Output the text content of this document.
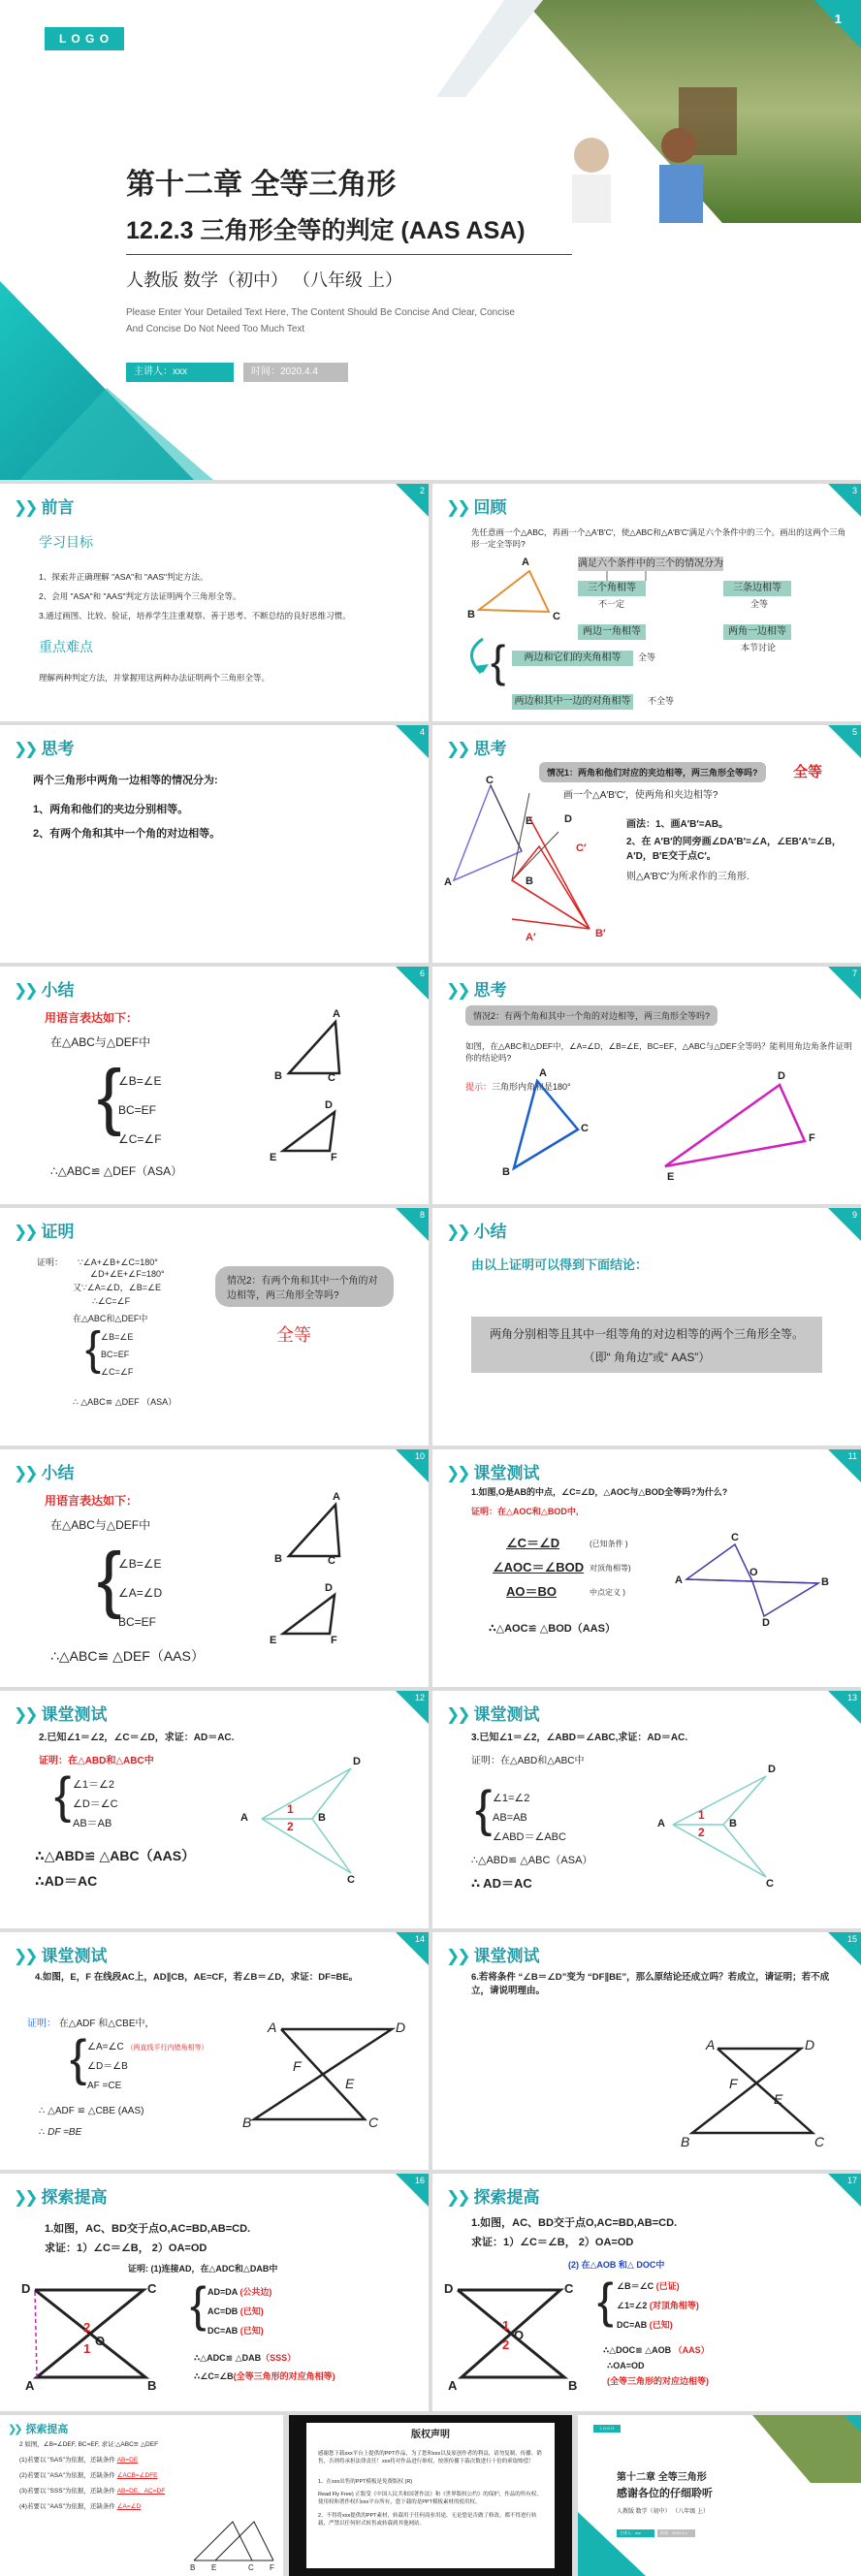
L O G O
1
第十二章 全等三角形
12.2.3 三角形全等的判定 (AAS ASA)
人教版 数学（初中） （八年级 上）
Please Enter Your Detailed Text Here, The Content Should Be Concise And Clear, Concise
And Concise Do Not Need Too Much Text
主讲人：xxx	时间：2020.4.4
❯❯ 前言
2
学习目标
1、探索并正确理解 "ASA"和 "AAS"判定方法。
2、会用 "ASA"和 "AAS"判定方法证明两个三角形全等。
3.通过画图、比较、验证，培养学生注重观察、善于思考、不断总结的良好思维习惯。
重点难点
理解两种判定方法，并掌握用这两种办法证明两个三角形全等。
❯❯ 回顾
3
先任意画一个△ABC，再画一个△A′B′C′，使△ABC和△A′B′C′满足六个条件中的三个。画出的这两个三角形一定全等吗?
A
B	C
满足六个条件中的三个的情况分为
三个角相等
不一定
三条边相等
全等
两边一角相等	两角一边相等
本节讨论
{	两边和它们的夹角相等	全等
两边和其中一边的对角相等 不全等
❯❯ 思考
4
两个三角形中两角一边相等的情况分为:
1、两角和他们的夹边分别相等。
2、有两个角和其中一个角的对边相等。
❯❯ 思考
5
情况1：两角和他们对应的夹边相等，两三角形全等吗?	全等
画一个△A′B′C′，使两角和夹边相等?
C
A	B
E	D
C′
A′	B′
画法：1、画A′B′=AB。
2、在 A′B′的同旁画∠DA′B′=∠A，∠EB′A′=∠B，A′D，B′E交于点C′。
则△A′B′C′为所求作的三角形.
❯❯ 小结
6
用语言表达如下：
在△ABC与△DEF中
{
∠B=∠E
BC=EF
∠C=∠F
∴△ABC≌ △DEF（ASA）
A
B	C
D
E	F
❯❯ 思考
7
情况2：有两个角和其中一个角的对边相等，两三角形全等吗?
如图，在△ABC和△DEF中，∠A=∠D，∠B=∠E，BC=EF，△ABC与△DEF全等吗？能利用角边角条件证明你的结论吗?
提示：三角形内角和是180°
A
B
C
D
E
F
❯❯ 证明
8
证明： ∵∠A+∠B+∠C=180°
∠D+∠E+∠F=180°
又∵∠A=∠D，∠B=∠E
∴∠C=∠F
在△ABC和△DEF中
{ ∠B=∠E
BC=EF
∠C=∠F
∴ △ABC≌ △DEF （ASA）
情况2：有两个角和其中一个角的对边相等，两三角形全等吗?
全等
❯❯ 小结
9
由以上证明可以得到下面结论：
两角分别相等且其中一组等角的对边相等的两个三角形全等。
（即“ 角角边”或“ AAS”）
❯❯ 小结
10
用语言表达如下：
在△ABC与△DEF中
{
∠B=∠E
∠A=∠D
BC=EF
∴△ABC≌ △DEF（AAS）
A
B	C
D
E	F
❯❯ 课堂测试
11
1.如图,O是AB的中点，∠C=∠D，△AOC与△BOD全等吗?为什么?
证明：在△AOC和△BOD中,
∠C＝∠D	(已知条件 )
∠AOC＝∠BOD 对顶角相等)
AO＝BO	中点定义 )
∴△AOC≌ △BOD（AAS）
A
C
O
B
D
❯❯ 课堂测试
12
2.已知∠1＝∠2，∠C＝∠D，求证：AD＝AC.
证明：在△ABD和△ABC中
{ ∠1＝∠2
∠D＝∠C
AB＝AB
∴△ABD≌ △ABC（AAS）
∴AD＝AC
A	B
D
C
1
2
❯❯ 课堂测试
13
3.已知∠1＝∠2，∠ABD＝∠ABC,求证：AD＝AC.
证明：在△ABD和△ABC中
{ ∠1=∠2
AB=AB
∠ABD＝∠ABC
∴△ABD≌ △ABC（ASA）
∴ AD＝AC
A	B
D
C
1
2
❯❯ 课堂测试
14
4.如图，E，F 在线段AC上，AD∥CB，AE=CF，若∠B＝∠D，求证：DF=BE。
证明： 在△ADF 和△CBE中，
{ ∠A=∠C （两直线平行内错角相等）
∠D＝∠B
AF =CE
∴ △ADF ≌ △CBE (AAS)
∴ DF =BE
A	D
F
E
B	C
❯❯ 课堂测试
15
6.若将条件 “∠B＝∠D”变为 “DF∥BE”，那么原结论还成立吗？若成立，请证明；若不成立，请说明理由。
A	D
F
E
B	C
❯❯ 探索提高
16
1.如图，AC、BD交于点O,AC=BD,AB=CD.
求证：1）∠C＝∠B， 2）OA=OD
证明: (1)连接AD，在△ADC和△DAB中
{ AD=DA (公共边)
AC=DB (已知)
DC=AB (已知)
∴△ADC≌ △DAB（SSS）
∴∠C=∠B(全等三角形的对应角相等)
D	C
A	B
O
1
2
❯❯ 探索提高
17
1.如图，AC、BD交于点O,AC=BD,AB=CD.
求证：1）∠C＝∠B， 2）OA=OD
(2) 在△AOB 和△ DOC中
{ ∠B＝∠C (已证)
∠1=∠2 (对顶角相等)
DC=AB (已知)
∴△DOC≌ △AOB （AAS）
∴OA=OD
(全等三角形的对应边相等)
D	C
A	B
O
1
2
❯❯ 探索提高
2 如图，∠B=∠DEF, BC=EF, 求证:△ABC≌ △DEF
(1)若要以 "SAS"为依据，还缺条件 AB=DE
(2)若要以 "ASA"为依据，还缺条件 ∠ACB=∠DFE
(3)若要以 "SSS"为依据，还缺条件 AB=DE，AC=DF
(4)若要以 "AAS"为依据，还缺条件 ∠A=∠D
B E	C F
版权声明
感谢您下载xxx平台上提供的PPT作品，为了您和xxx以及原创作者的利益，请勿复制、传播、销售，否则将承担法律责任！xxx将对作品进行维权，按照传播下载次数进行十倍的索取赔偿！
1、在xxx出售的PPT模板是免费版权 (R)
Read Fly Free) 正版受《中国人民共和国著作法》和《世界版权公约》的保护，作品的所有权、使用权和著作权归xxx平台所有，您下载的是PPT模板素材的使用权。
2、不得将xxx提供的PPT素材，转载用于任何商业用途，无论您是否做了修改，都不得进行转载，严禁以任何形式转售或转载到其他网站。
L O G O
第十二章 全等三角形
感谢各位的仔细聆听
人教版 数学（初中） （八年级 上）
主讲人：xxx	时间：2020.4.4
